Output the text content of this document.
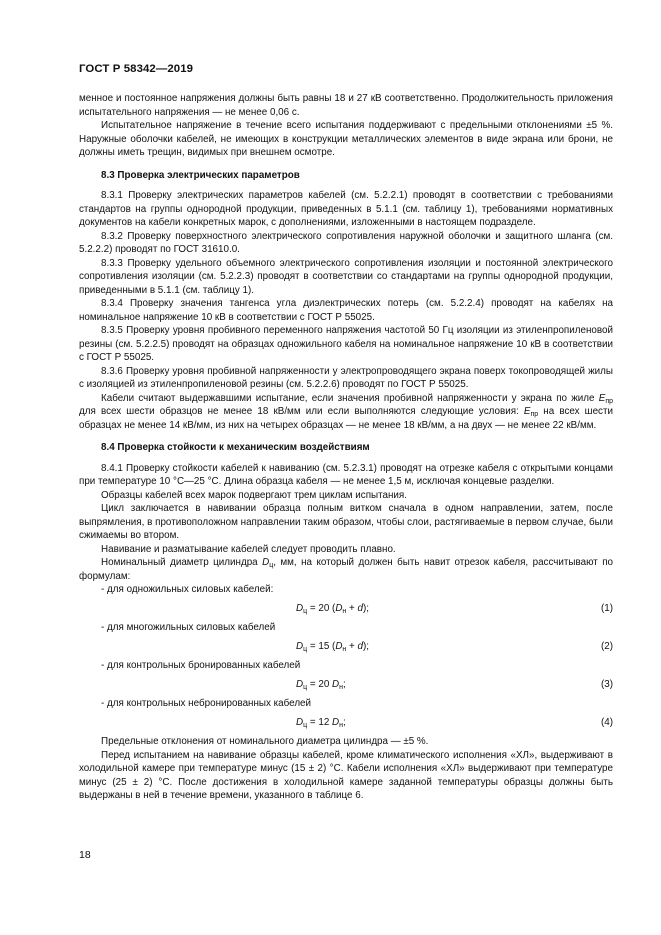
ГОСТ Р 58342—2019

менное и постоянное напряжения должны быть равны 18 и 27 кВ соответственно. Продолжительность приложения испытательного напряжения — не менее 0,06 с.

Испытательное напряжение в течение всего испытания поддерживают с предельными отклонениями ±5 %. Наружные оболочки кабелей, не имеющих в конструкции металлических элементов в виде экрана или брони, не должны иметь трещин, видимых при внешнем осмотре.

8.3 Проверка электрических параметров

8.3.1 Проверку электрических параметров кабелей (см. 5.2.2.1) проводят в соответствии с требованиями стандартов на группы однородной продукции, приведенных в 5.1.1 (см. таблицу 1), требованиями нормативных документов на кабели конкретных марок, с дополнениями, изложенными в настоящем подразделе.

8.3.2 Проверку поверхностного электрического сопротивления наружной оболочки и защитного шланга (см. 5.2.2.2) проводят по ГОСТ 31610.0.

8.3.3 Проверку удельного объемного электрического сопротивления изоляции и постоянной электрического сопротивления изоляции (см. 5.2.2.3) проводят в соответствии со стандартами на группы однородной продукции, приведенными в 5.1.1 (см. таблицу 1).

8.3.4 Проверку значения тангенса угла диэлектрических потерь (см. 5.2.2.4) проводят на кабелях на номинальное напряжение 10 кВ в соответствии с ГОСТ Р 55025.

8.3.5 Проверку уровня пробивного переменного напряжения частотой 50 Гц изоляции из этиленпропиленовой резины (см. 5.2.2.5) проводят на образцах одножильного кабеля на номинальное напряжение 10 кВ в соответствии с ГОСТ Р 55025.

8.3.6 Проверку уровня пробивной напряженности у электропроводящего экрана поверх токопроводящей жилы с изоляцией из этиленпропиленовой резины (см. 5.2.2.6) проводят по ГОСТ Р 55025.

Кабели считают выдержавшими испытание, если значения пробивной напряженности у экрана по жиле $E_{пр}$ для всех шести образцов не менее 18 кВ/мм или если выполняются следующие условия: $E_{пр}$ на всех шести образцах не менее 14 кВ/мм, из них на четырех образцах — не менее 18 кВ/мм, а на двух — не менее 22 кВ/мм.

8.4 Проверка стойкости к механическим воздействиям

8.4.1 Проверку стойкости кабелей к навиванию (см. 5.2.3.1) проводят на отрезке кабеля с открытыми концами при температуре 10 °С—25 °С. Длина образца кабеля — не менее 1,5 м, исключая концевые разделки.

Образцы кабелей всех марок подвергают трем циклам испытания.

Цикл заключается в навивании образца полным витком сначала в одном направлении, затем, после выпрямления, в противоположном направлении таким образом, чтобы слои, растягиваемые в первом случае, были сжимаемы во втором.

Навивание и разматывание кабелей следует проводить плавно.

Номинальный диаметр цилиндра $D_ц$, мм, на который должен быть навит отрезок кабеля, рассчитывают по формулам:

- для одножильных силовых кабелей:

$D_ц = 20$ $(D_н + d)$;	(1)

- для многожильных силовых кабелей

$D_ц = 15$ $(D_н + d)$;	(2)

- для контрольных бронированных кабелей

$D_ц = 20$ $D_н$;	(3)

- для контрольных небронированных кабелей

$D_ц = 12$ $D_н$;	(4)

Предельные отклонения от номинального диаметра цилиндра — ±5 %.

Перед испытанием на навивание образцы кабелей, кроме климатического исполнения «ХЛ», выдерживают в холодильной камере при температуре минус (15 ± 2) °С. Кабели исполнения «ХЛ» выдерживают при температуре минус (25 ± 2) °С. После достижения в холодильной камере заданной температуры образцы должны быть выдержаны в ней в течение времени, указанного в таблице 6.

18
